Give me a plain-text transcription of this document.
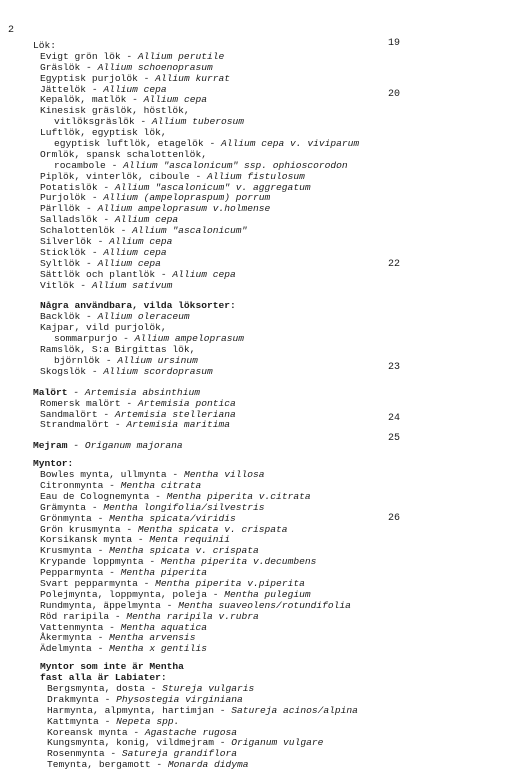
2
19
20
22
23
24
25
26
Lök:
Evigt grön lök - Allium perutile
Gräslök - Allium schoenoprasum
Egyptisk purjolök - Allium kurrat
Jättelök - Allium cepa
Kepalök, matlök - Allium cepa
Kinesisk gräslök, höstlök,
vitlöksgräslök - Allium tuberosum
Luftlök, egyptisk lök,
egyptisk luftlök, etagelök - Allium cepa v. viviparum
Ormlök, spansk schalottenlök,
rocambole - Allium "ascalonicum" ssp. ophioscorodon
Piplök, vinterlök, ciboule - Allium fistulosum
Potatislök - Allium "ascalonicum" v. aggregatum
Purjolök - Allium (ampelopraspum) porrum
Pärllök - Allium ampeloprasum v.holmense
Salladslök - Allium cepa
Schalottenlök - Allium "ascalonicum"
Silverlök - Allium cepa
Sticklök - Allium cepa
Syltlök - Allium cepa
Sättlök och plantlök - Allium cepa
Vitlök - Allium sativum
Några användbara, vilda löksorter:
Backlök - Allium oleraceum
Kajpar, vild purjolök,
sommarpurjo - Allium ampeloprasum
Ramslök, S:a Birgittas lök,
björnlök - Allium ursinum
Skogslök - Allium scordoprasum
Malört - Artemisia absinthium
Romersk malört - Artemisia pontica
Sandmalört - Artemisia stelleriana
Strandmalört - Artemisia maritima
Mejram - Origanum majorana
Myntor:
Bowles mynta, ullmynta - Mentha villosa
Citronmynta - Mentha citrata
Eau de Colognemynta - Mentha piperita v.citrata
Grämynta - Mentha longifolia/silvestris
Grönmynta - Mentha spicata/viridis
Grön krusmynta - Mentha spicata v. crispata
Korsikansk mynta - Menta requinii
Krusmynta - Mentha spicata v. crispata
Krypande loppmynta - Mentha piperita v.decumbens
Pepparmynta - Mentha piperita
Svart pepparmynta - Mentha piperita v.piperita
Polejmynta, loppmynta, poleja - Mentha pulegium
Rundmynta, äppelmynta - Mentha suaveolens/rotundifolia
Röd raripila - Mentha raripila v.rubra
Vattenmynta - Mentha aquatica
Åkermynta - Mentha arvensis
Ädelmynta - Mentha x gentilis
Myntor som inte är Mentha
fast alla är Labiater:
Bergsmynta, dosta - Stureja vulgaris
Drakmynta - Physostegia virginiana
Harmynta, alpmynta, hartimjan - Satureja acinos/alpina
Kattmynta - Nepeta spp.
Koreansk mynta - Agastache rugosa
Kungsmynta, konig, vildmejram - Origanum vulgare
Rosenmynta - Satureja grandiflora
Temynta, bergamott - Monarda didyma
